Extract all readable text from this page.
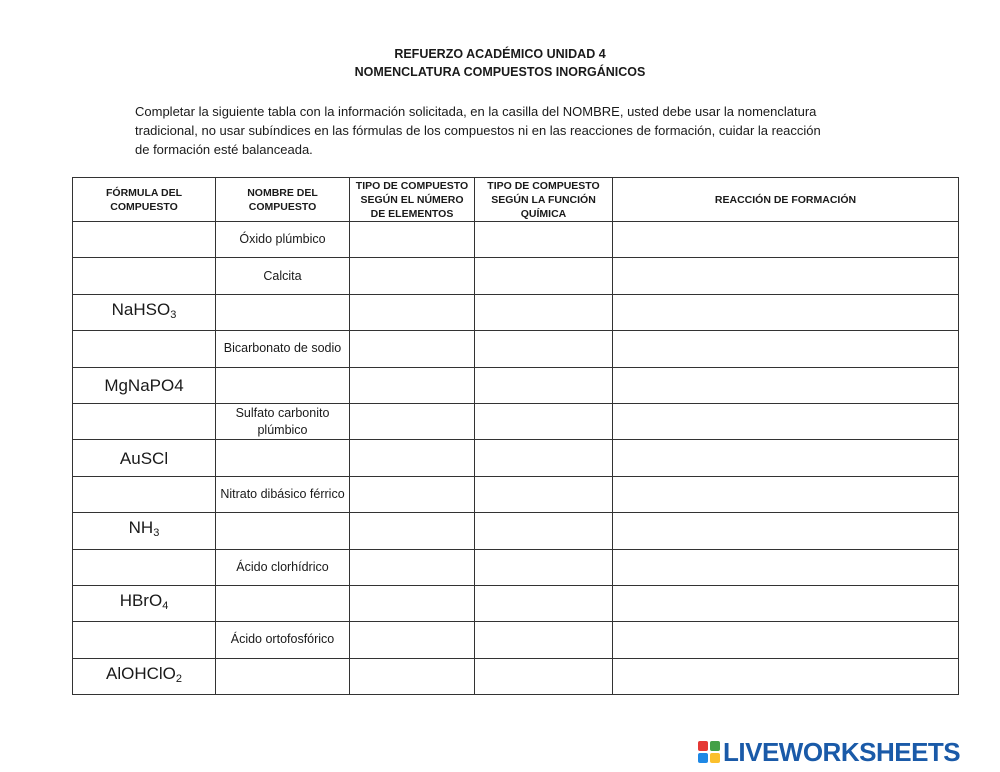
REFUERZO ACADÉMICO UNIDAD 4
NOMENCLATURA COMPUESTOS INORGÁNICOS
Completar la siguiente tabla con la información solicitada, en la casilla del NOMBRE, usted debe usar la nomenclatura
tradicional, no usar subíndices en las fórmulas de los compuestos ni en las reacciones de formación, cuidar la reacción
de formación esté balanceada.
FÓRMULA DEL COMPUESTO	NOMBRE DEL COMPUESTO	TIPO DE COMPUESTO SEGÚN EL NÚMERO DE ELEMENTOS	TIPO DE COMPUESTO SEGÚN LA FUNCIÓN QUÍMICA	REACCIÓN DE FORMACIÓN
	Óxido plúmbico			
	Calcita			
NaHSO$_3$				
	Bicarbonato de sodio			
MgNaPO4				
	Sulfato carbonito plúmbico			
AuSCl				
	Nitrato dibásico férrico			
$NH_3$				
	Ácido clorhídrico			
HBrO$_4$				
	Ácido ortofosfórico			
AlOHClO$_2$				
LIVEWORKSHEETS
